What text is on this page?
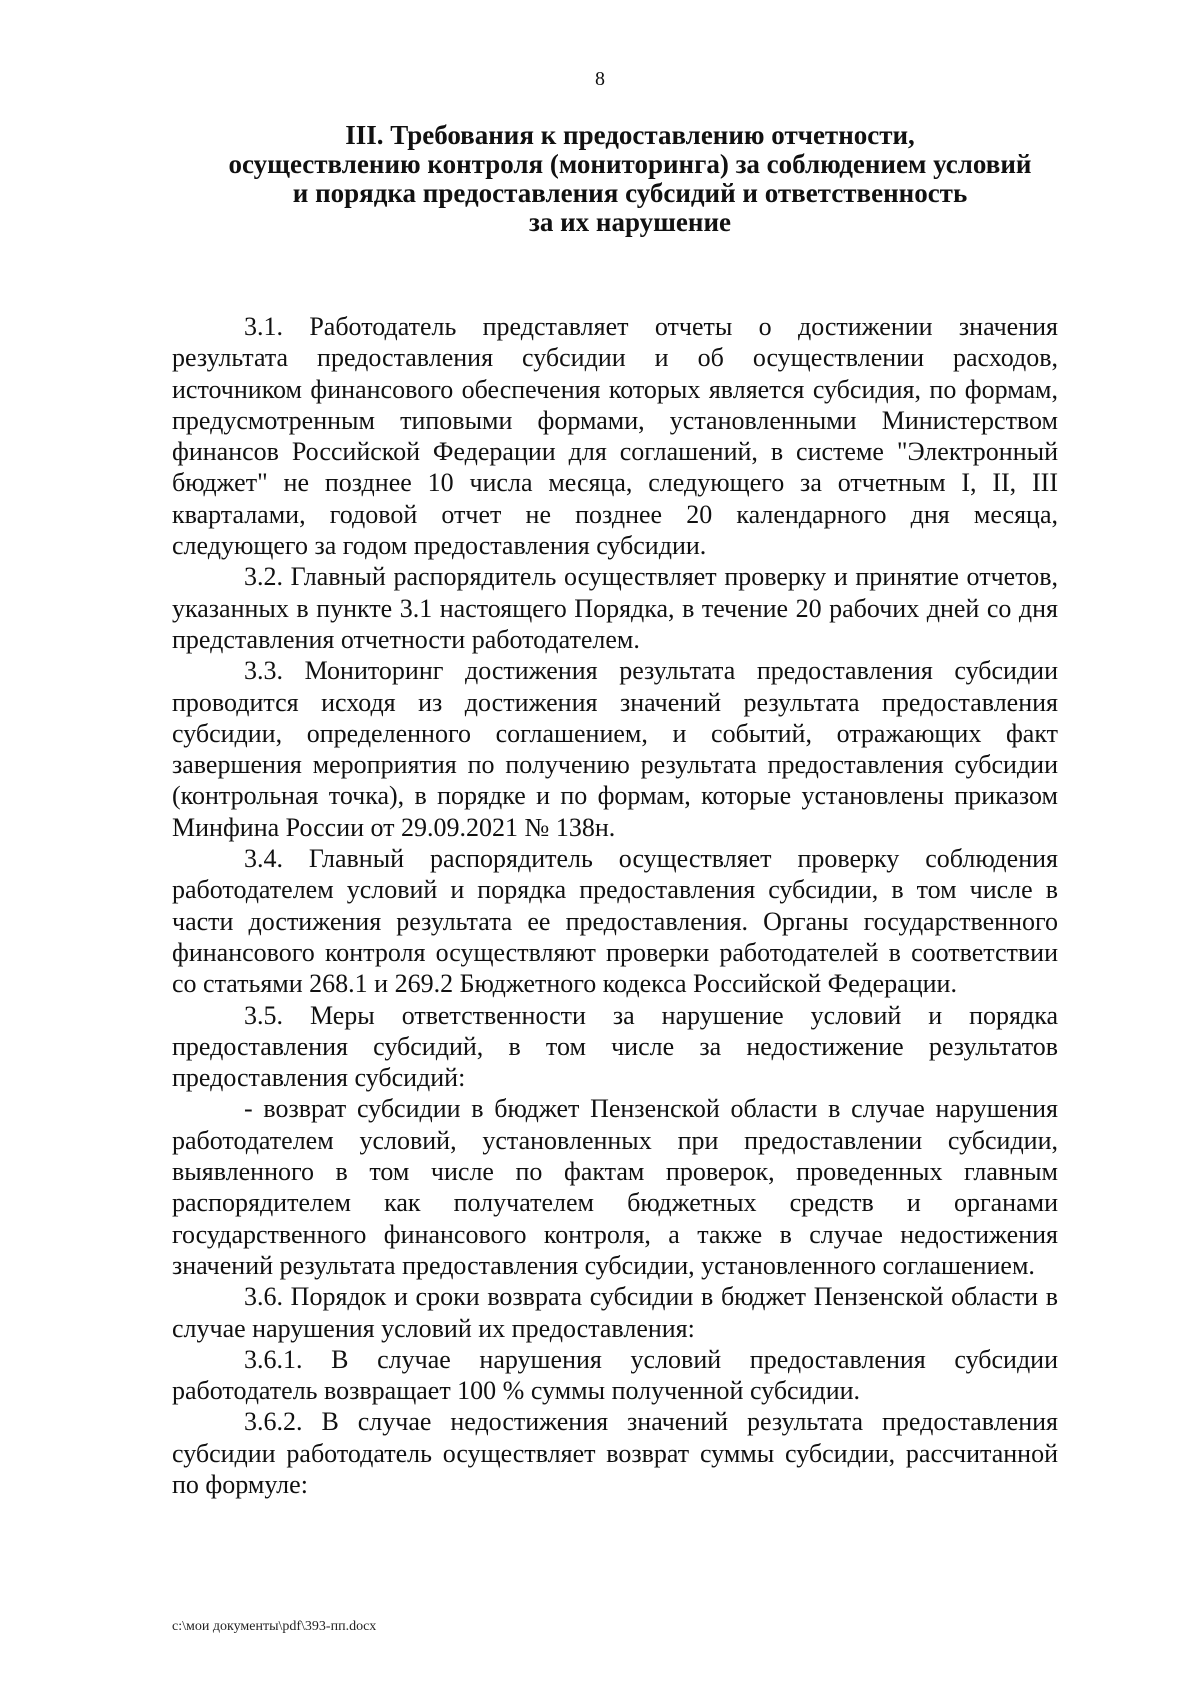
8
III. Требования к предоставлению отчетности,
осуществлению контроля (мониторинга) за соблюдением условий
и порядка предоставления субсидий и ответственность
за их нарушение

3.1. Работодатель представляет отчеты о достижении значения результата предоставления субсидии и об осуществлении расходов, источником финансового обеспечения которых является субсидия, по формам, предусмотренным типовыми формами, установленными Министерством финансов Российской Федерации для соглашений, в системе "Электронный бюджет" не позднее 10 числа месяца, следующего за отчетным I, II, III кварталами, годовой отчет не позднее 20 календарного дня месяца, следующего за годом предоставления субсидии.

3.2. Главный распорядитель осуществляет проверку и принятие отчетов, указанных в пункте 3.1 настоящего Порядка, в течение 20 рабочих дней со дня представления отчетности работодателем.

3.3. Мониторинг достижения результата предоставления субсидии проводится исходя из достижения значений результата предоставления субсидии, определенного соглашением, и событий, отражающих факт завершения мероприятия по получению результата предоставления субсидии (контрольная точка), в порядке и по формам, которые установлены приказом Минфина России от 29.09.2021 № 138н.

3.4. Главный распорядитель осуществляет проверку соблюдения работодателем условий и порядка предоставления субсидии, в том числе в части достижения результата ее предоставления. Органы государственного финансового контроля осуществляют проверки работодателей в соответствии со статьями 268.1 и 269.2 Бюджетного кодекса Российской Федерации.

3.5. Меры ответственности за нарушение условий и порядка предоставления субсидий, в том числе за недостижение результатов предоставления субсидий:

- возврат субсидии в бюджет Пензенской области в случае нарушения работодателем условий, установленных при предоставлении субсидии, выявленного в том числе по фактам проверок, проведенных главным распорядителем как получателем бюджетных средств и органами государственного финансового контроля, а также в случае недостижения значений результата предоставления субсидии, установленного соглашением.

3.6. Порядок и сроки возврата субсидии в бюджет Пензенской области в случае нарушения условий их предоставления:

3.6.1. В случае нарушения условий предоставления субсидии работодатель возвращает 100 % суммы полученной субсидии.

3.6.2. В случае недостижения значений результата предоставления субсидии работодатель осуществляет возврат суммы субсидии, рассчитанной по формуле:

c:\мои документы\pdf\393-пп.docx
